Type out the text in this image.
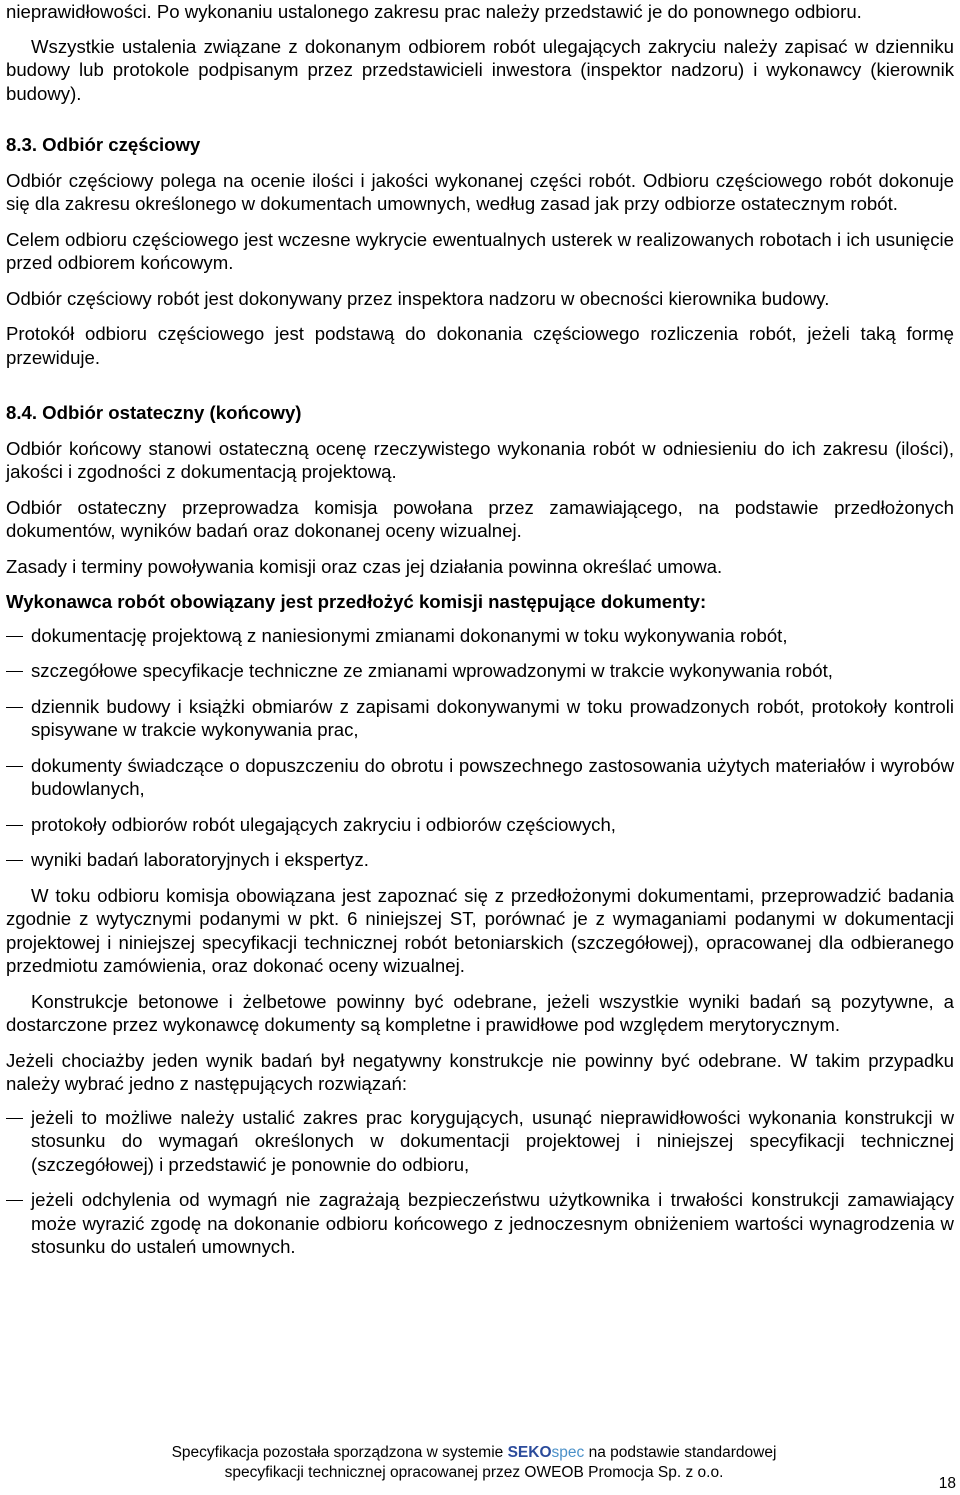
nieprawidłowości. Po wykonaniu ustalonego zakresu prac należy przedstawić je do ponownego odbioru.

Wszystkie ustalenia związane z dokonanym odbiorem robót ulegających zakryciu należy zapisać w dzienniku budowy lub protokole podpisanym przez przedstawicieli inwestora (inspektor nadzoru) i wykonawcy (kierownik budowy).

8.3. Odbiór częściowy

Odbiór częściowy polega na ocenie ilości i jakości wykonanej części robót. Odbioru częściowego robót dokonuje się dla zakresu określonego w dokumentach umownych, według zasad jak przy odbiorze ostatecznym robót.

Celem odbioru częściowego jest wczesne wykrycie ewentualnych usterek w realizowanych robotach i ich usunięcie przed odbiorem końcowym.

Odbiór częściowy robót jest dokonywany przez inspektora nadzoru w obecności kierownika budowy.

Protokół odbioru częściowego jest podstawą do dokonania częściowego rozliczenia robót, jeżeli taką formę przewiduje.

8.4. Odbiór ostateczny (końcowy)

Odbiór końcowy stanowi ostateczną ocenę rzeczywistego wykonania robót w odniesieniu do ich zakresu (ilości), jakości i zgodności z dokumentacją projektową.

Odbiór ostateczny przeprowadza komisja powołana przez zamawiającego, na podstawie przedłożonych dokumentów, wyników badań oraz dokonanej oceny wizualnej.

Zasady i terminy powoływania komisji oraz czas jej działania powinna określać umowa.

Wykonawca robót obowiązany jest przedłożyć komisji następujące dokumenty:

dokumentację projektową z naniesionymi zmianami dokonanymi w toku wykonywania robót,
szczegółowe specyfikacje techniczne ze zmianami wprowadzonymi w trakcie wykonywania robót,
dziennik budowy i książki obmiarów z zapisami dokonywanymi w toku prowadzonych robót, protokoły kontroli spisywane w trakcie wykonywania prac,
dokumenty świadczące o dopuszczeniu do obrotu i powszechnego zastosowania użytych materiałów i wyrobów budowlanych,
protokoły odbiorów robót ulegających zakryciu i odbiorów częściowych,
wyniki badań laboratoryjnych i ekspertyz.

W toku odbioru komisja obowiązana jest zapoznać się z przedłożonymi dokumentami, przeprowadzić badania zgodnie z wytycznymi podanymi w pkt. 6 niniejszej ST, porównać je z wymaganiami podanymi w dokumentacji projektowej i niniejszej specyfikacji technicznej robót betoniarskich (szczegółowej), opracowanej dla odbieranego przedmiotu zamówienia, oraz dokonać oceny wizualnej.

Konstrukcje betonowe i żelbetowe powinny być odebrane, jeżeli wszystkie wyniki badań są pozytywne, a dostarczone przez wykonawcę dokumenty są kompletne i prawidłowe pod względem merytorycznym.

Jeżeli chociażby jeden wynik badań był negatywny konstrukcje nie powinny być odebrane. W takim przypadku należy wybrać jedno z następujących rozwiązań:

jeżeli to możliwe należy ustalić zakres prac korygujących, usunąć nieprawidłowości wykonania konstrukcji w stosunku do wymagań określonych w dokumentacji projektowej i niniejszej specyfikacji technicznej (szczegółowej) i przedstawić je ponownie do odbioru,
jeżeli odchylenia od wymagń nie zagrażają bezpieczeństwu użytkownika i trwałości konstrukcji zamawiający może wyrazić zgodę na dokonanie odbioru końcowego z jednoczesnym obniżeniem wartości wynagrodzenia w stosunku do ustaleń umownych.
Specyfikacja pozostała sporządzona w systemie SEKOspec na podstawie standardowej
specyfikacji technicznej opracowanej przez OWEOB Promocja Sp. z o.o.
18
